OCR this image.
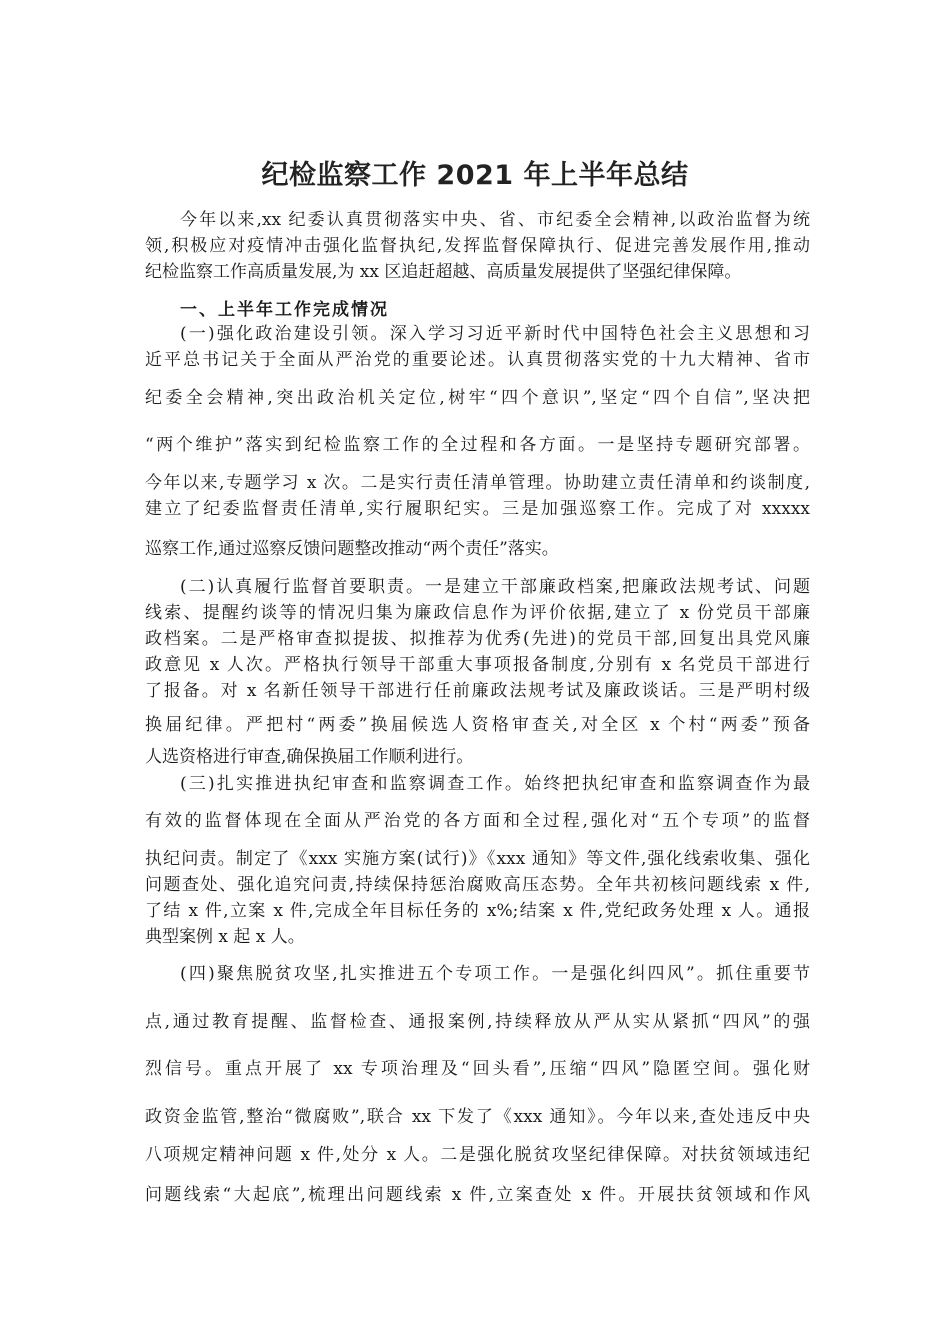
纪检监察工作 2021 年上半年总结
今年以来,xx 纪委认真贯彻落实中央、省、市纪委全会精神,以政治监督为统
领,积极应对疫情冲击强化监督执纪,发挥监督保障执行、促进完善发展作用,推动
纪检监察工作高质量发展,为 xx 区追赶超越、高质量发展提供了坚强纪律保障。
一、上半年工作完成情况
(一)强化政治建设引领。深入学习习近平新时代中国特色社会主义思想和习
近平总书记关于全面从严治党的重要论述。认真贯彻落实党的十九大精神、省市
纪委全会精神,突出政治机关定位,树牢“四个意识”,坚定“四个自信”,坚决把
“两个维护”落实到纪检监察工作的全过程和各方面。一是坚持专题研究部署。
今年以来,专题学习 x 次。二是实行责任清单管理。协助建立责任清单和约谈制度,
建立了纪委监督责任清单,实行履职纪实。三是加强巡察工作。完成了对 xxxxx
巡察工作,通过巡察反馈问题整改推动“两个责任”落实。
(二)认真履行监督首要职责。一是建立干部廉政档案,把廉政法规考试、问题
线索、提醒约谈等的情况归集为廉政信息作为评价依据,建立了 x 份党员干部廉
政档案。二是严格审查拟提拔、拟推荐为优秀(先进)的党员干部,回复出具党风廉
政意见 x 人次。严格执行领导干部重大事项报备制度,分别有 x 名党员干部进行
了报备。对 x 名新任领导干部进行任前廉政法规考试及廉政谈话。三是严明村级
换届纪律。严把村“两委”换届候选人资格审查关,对全区 x 个村“两委”预备
人选资格进行审查,确保换届工作顺利进行。
(三)扎实推进执纪审查和监察调查工作。始终把执纪审查和监察调查作为最
有效的监督体现在全面从严治党的各方面和全过程,强化对“五个专项”的监督
执纪问责。制定了《xxx 实施方案(试行)》《xxx 通知》等文件,强化线索收集、强化
问题查处、强化追究问责,持续保持惩治腐败高压态势。全年共初核问题线索 x 件,
了结 x 件,立案 x 件,完成全年目标任务的 x%;结案 x 件,党纪政务处理 x 人。通报
典型案例 x 起 x 人。
(四)聚焦脱贫攻坚,扎实推进五个专项工作。一是强化纠四风”。抓住重要节
点,通过教育提醒、监督检查、通报案例,持续释放从严从实从紧抓“四风”的强
烈信号。重点开展了 xx 专项治理及“回头看”,压缩“四风”隐匿空间。强化财
政资金监管,整治“微腐败”,联合 xx 下发了《xxx 通知》。今年以来,查处违反中央
八项规定精神问题 x 件,处分 x 人。二是强化脱贫攻坚纪律保障。对扶贫领域违纪
问题线索“大起底”,梳理出问题线索 x 件,立案查处 x 件。开展扶贫领域和作风
